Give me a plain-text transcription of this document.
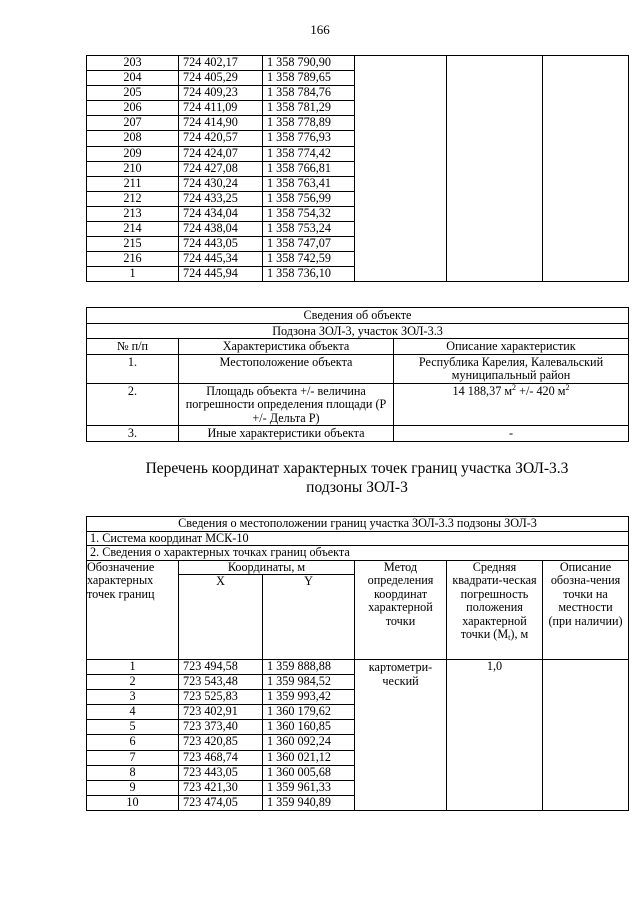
166
203	724 402,17	1 358 790,90			
204	724 405,29	1 358 789,65			
205	724 409,23	1 358 784,76			
206	724 411,09	1 358 781,29			
207	724 414,90	1 358 778,89			
208	724 420,57	1 358 776,93			
209	724 424,07	1 358 774,42			
210	724 427,08	1 358 766,81			
211	724 430,24	1 358 763,41			
212	724 433,25	1 358 756,99			
213	724 434,04	1 358 754,32			
214	724 438,04	1 358 753,24			
215	724 443,05	1 358 747,07			
216	724 445,34	1 358 742,59			
1	724 445,94	1 358 736,10			
Сведения об объекте		
Подзона ЗОЛ-3, участок ЗОЛ-3.3		
№ п/п	Характеристика объекта	Описание характеристик
1.	Местоположение объекта	Республика Карелия, Калевальский муниципальный район
2.	Площадь объекта +/- величина погрешности определения площади (Р +/- Дельта Р)	14 188,37 $м^2$ +/- 420 $м^2$
3.	Иные характеристики объекта	-
Перечень координат характерных точек границ участка ЗОЛ-3.3
подзоны ЗОЛ-3
Сведения о местоположении границ участка ЗОЛ-3.3 подзоны ЗОЛ-3					
1. Система координат МСК-10					
2. Сведения о характерных точках границ объекта					
Обозначение характерных точек границ	Координаты, м		Метод определения координат характерной точки	Средняя квадрати-ческая погрешность положения характерной точки $(M_t)$, м	Описание обозна-чения точки на местности (при наличии)
	X	Y			
1	723 494,58	1 359 888,88	картометри-ческий	1,0	
2	723 543,48	1 359 984,52			
3	723 525,83	1 359 993,42			
4	723 402,91	1 360 179,62			
5	723 373,40	1 360 160,85			
6	723 420,85	1 360 092,24			
7	723 468,74	1 360 021,12			
8	723 443,05	1 360 005,68			
9	723 421,30	1 359 961,33			
10	723 474,05	1 359 940,89			
